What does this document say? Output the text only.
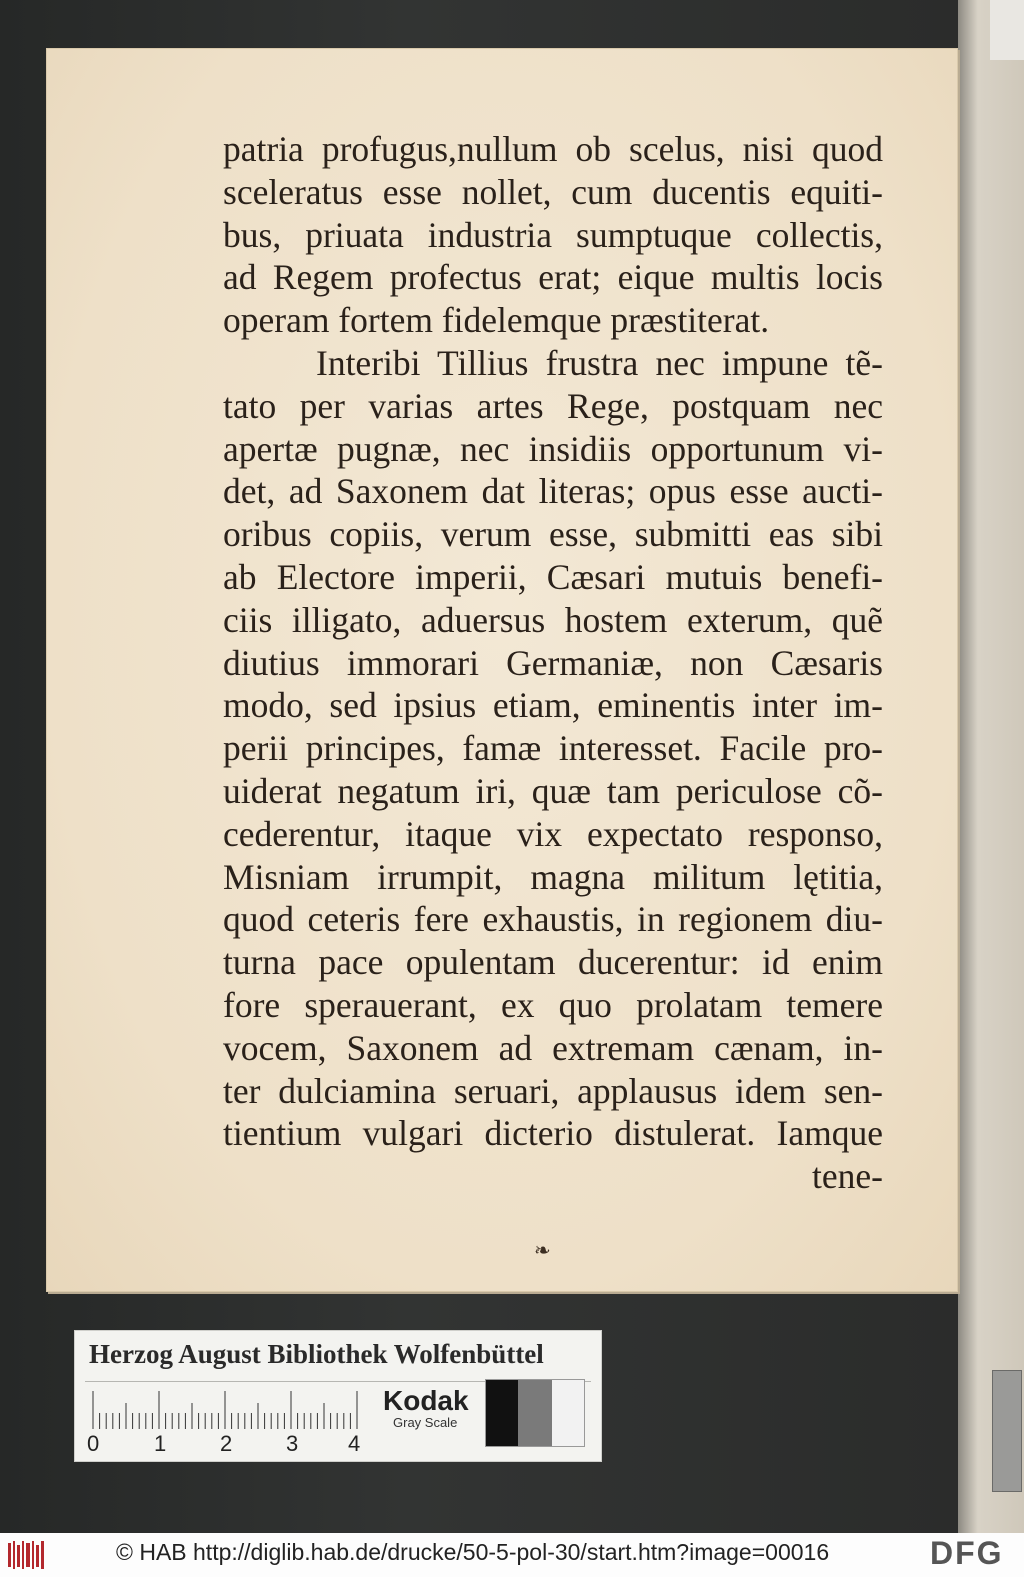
patria profugus,nullum ob scelus, nisi quod
sceleratus esse nollet, cum ducentis equiti-
bus, priuata industria sumptuque collectis,
ad Regem profectus erat; eique multis locis
operam fortem fidelemque præstiterat.
Interibi Tillius frustra nec impune tẽ-
tato per varias artes Rege, postquam nec
apertæ pugnæ, nec insidiis opportunum vi-
det, ad Saxonem dat literas; opus esse aucti-
oribus copiis, verum esse, submitti eas sibi
ab Electore imperii, Cæsari mutuis benefi-
ciis illigato, aduersus hostem exterum, quẽ
diutius immorari Germaniæ, non Cæsaris
modo, sed ipsius etiam, eminentis inter im-
perii principes, famæ interesset. Facile pro-
uiderat negatum iri, quæ tam periculose cõ-
cederentur, itaque vix expectato responso,
Misniam irrumpit, magna militum lętitia,
quod ceteris fere exhaustis, in regionem diu-
turna pace opulentam ducerentur: id enim
fore sperauerant, ex quo prolatam temere
vocem, Saxonem ad extremam cænam, in-
ter dulciamina seruari, applausus idem sen-
tientium vulgari dicterio distulerat. Iamque
tene-
❧
Herzog August Bibliothek Wolfenbüttel
0 1 2 3 4
Kodak
Gray Scale
© HAB http://diglib.hab.de/drucke/50-5-pol-30/start.htm?image=00016	DFG
